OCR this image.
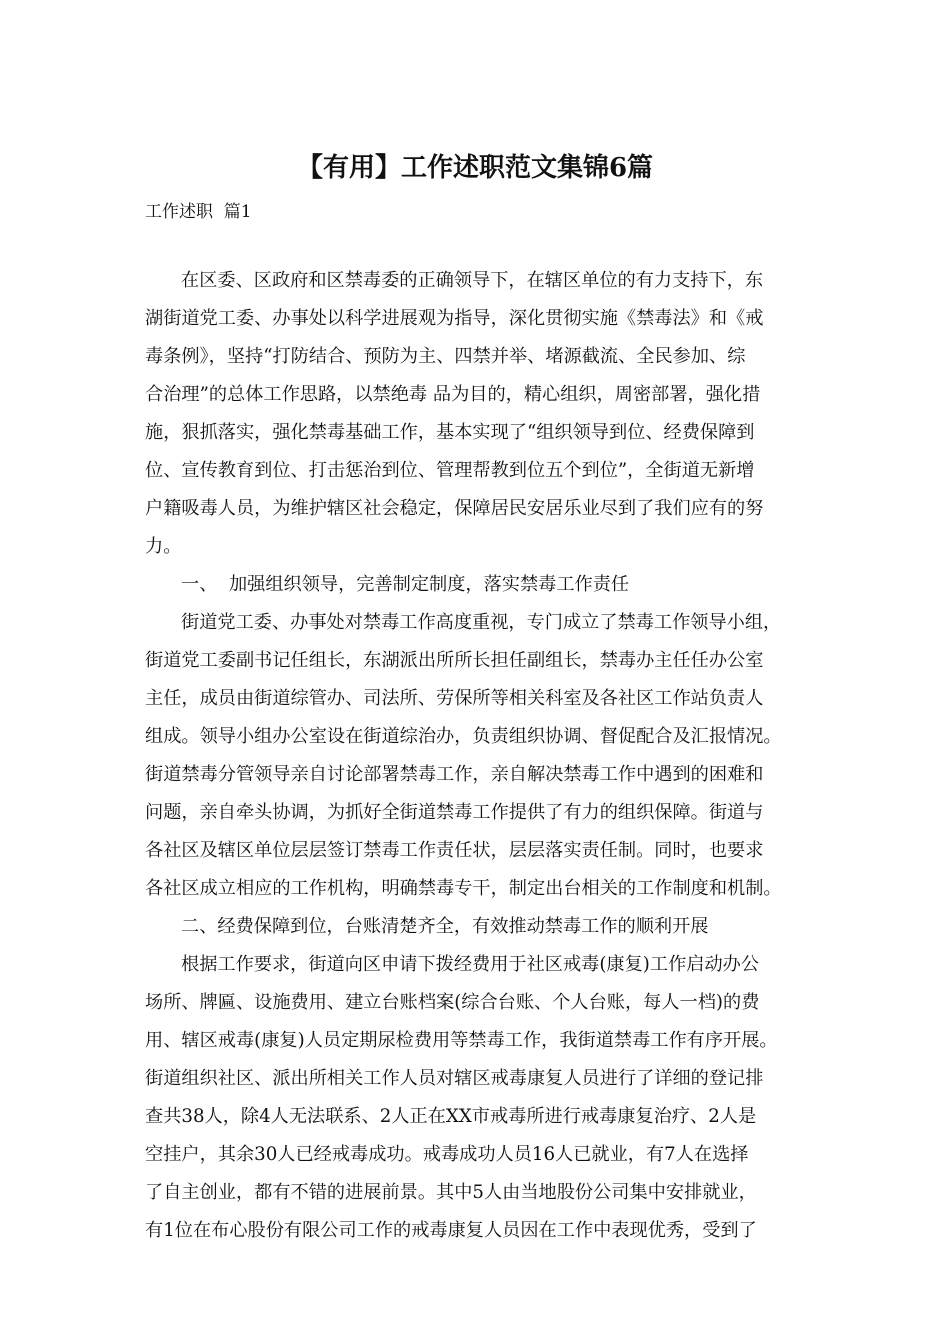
【有用】工作述职范文集锦6篇
工作述职  篇1
在区委、区政府和区禁毒委的正确领导下，在辖区单位的有力支持下，东
湖街道党工委、办事处以科学进展观为指导，深化贯彻实施《禁毒法》和《戒
毒条例》，坚持“打防结合、预防为主、四禁并举、堵源截流、全民参加、综
合治理”的总体工作思路，以禁绝毒 品为目的，精心组织，周密部署，强化措
施，狠抓落实，强化禁毒基础工作，基本实现了“组织领导到位、经费保障到
位、宣传教育到位、打击惩治到位、管理帮教到位五个到位”，全街道无新增
户籍吸毒人员，为维护辖区社会稳定，保障居民安居乐业尽到了我们应有的努
力。
一、  加强组织领导，完善制定制度，落实禁毒工作责任
街道党工委、办事处对禁毒工作高度重视，专门成立了禁毒工作领导小组，
街道党工委副书记任组长，东湖派出所所长担任副组长，禁毒办主任任办公室
主任，成员由街道综管办、司法所、劳保所等相关科室及各社区工作站负责人
组成。领导小组办公室设在街道综治办，负责组织协调、督促配合及汇报情况。
街道禁毒分管领导亲自讨论部署禁毒工作，亲自解决禁毒工作中遇到的困难和
问题，亲自牵头协调，为抓好全街道禁毒工作提供了有力的组织保障。街道与
各社区及辖区单位层层签订禁毒工作责任状，层层落实责任制。同时，也要求
各社区成立相应的工作机构，明确禁毒专干，制定出台相关的工作制度和机制。
二、经费保障到位，台账清楚齐全，有效推动禁毒工作的顺利开展
根据工作要求，街道向区申请下拨经费用于社区戒毒(康复)工作启动办公
场所、牌匾、设施费用、建立台账档案(综合台账、个人台账，每人一档)的费
用、辖区戒毒(康复)人员定期尿检费用等禁毒工作，我街道禁毒工作有序开展。
街道组织社区、派出所相关工作人员对辖区戒毒康复人员进行了详细的登记排
查共38人，除4人无法联系、2人正在XX市戒毒所进行戒毒康复治疗、2人是
空挂户，其余30人已经戒毒成功。戒毒成功人员16人已就业，有7人在选择
了自主创业，都有不错的进展前景。其中5人由当地股份公司集中安排就业，
有1位在布心股份有限公司工作的戒毒康复人员因在工作中表现优秀，受到了
